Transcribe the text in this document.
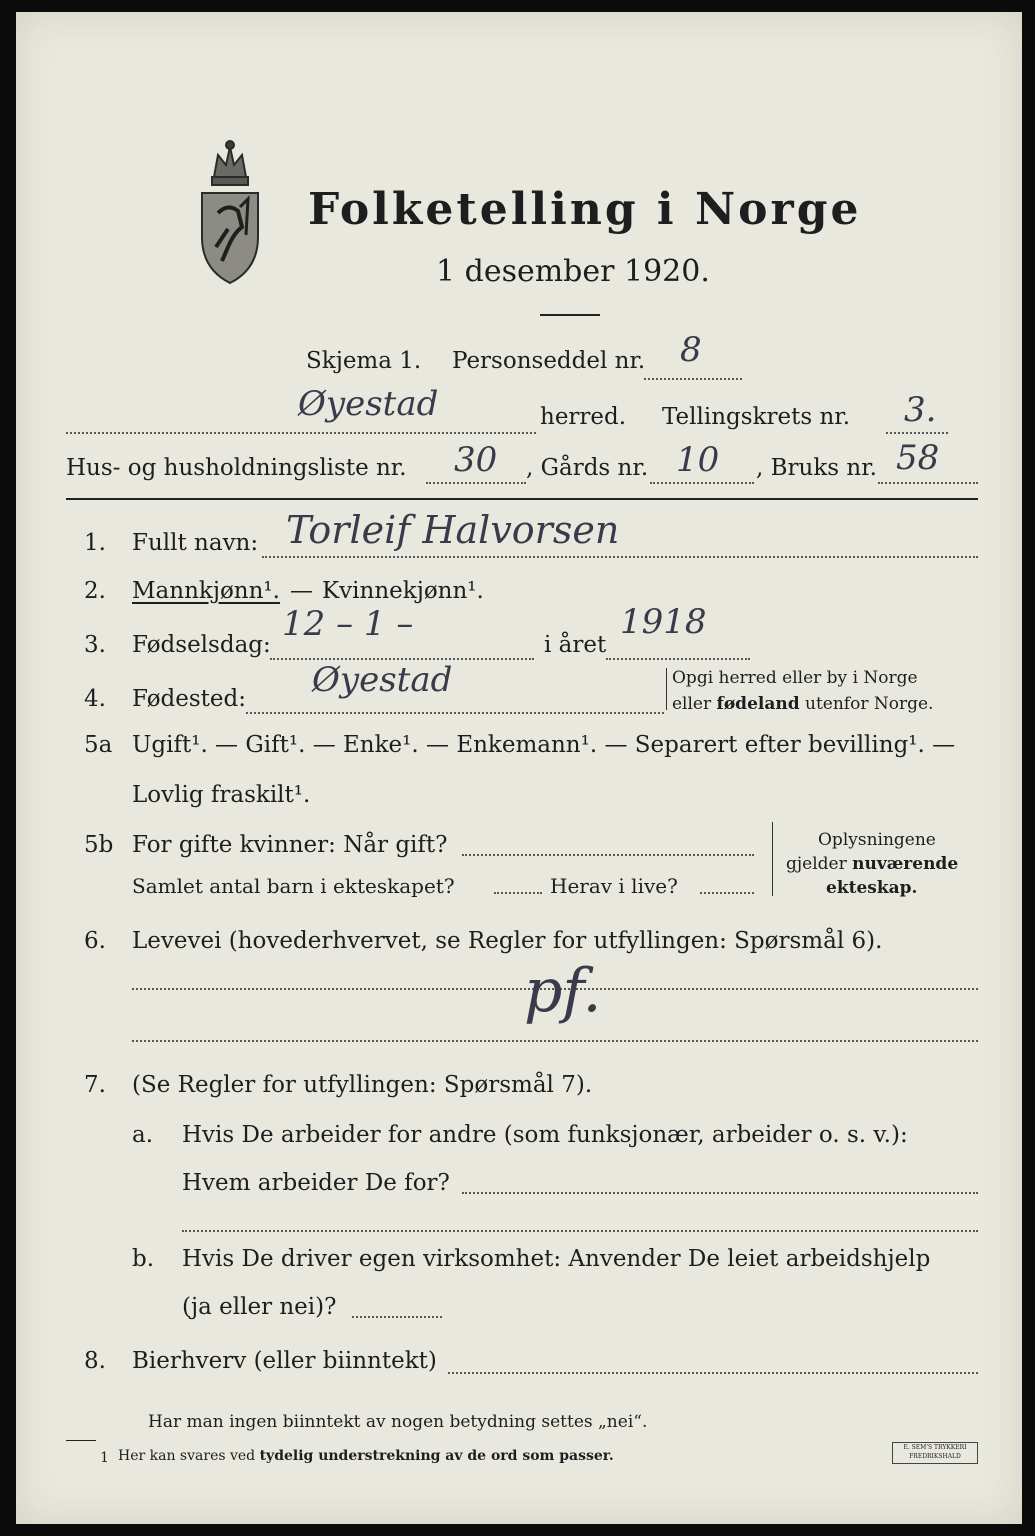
Folketelling i Norge
1 desember 1920.
Skjema 1. Personseddel nr. 8
Øyestad	herred. Tellingskrets nr. 3.
Hus- og husholdningsliste nr. 30 , Gårds nr. 10 , Bruks nr. 58
1. Fullt navn: Torleif Halvorsen
2. Mannkjønn¹. — Kvinnekjønn¹.
3. Fødselsdag:
12 – 1 –
i året
1918
4. Fødested: Øyestad	Opgi herred eller by i Norge
eller fødeland utenfor Norge.
5a Ugift¹. — Gift¹. — Enke¹. — Enkemann¹. — Separert efter bevilling¹. —
Lovlig fraskilt¹.
5b For gifte kvinner: Når gift?
Samlet antal barn i ekteskapet?	Herav i live?
Oplysningene
gjelder nuværende
ekteskap.
6. Levevei (hovederhvervet, se Regler for utfyllingen: Spørsmål 6).
pf.
7. (Se Regler for utfyllingen: Spørsmål 7).
a. Hvis De arbeider for andre (som funksjonær, arbeider o. s. v.):
Hvem arbeider De for?
b. Hvis De driver egen virksomhet: Anvender De leiet arbeidshjelp
(ja eller nei)?
8. Bierhverv (eller biinntekt)
Har man ingen biinntekt av nogen betydning settes „nei“.
1 Her kan svares ved tydelig understrekning av de ord som passer.
E. SEM'S TRYKKERI
FREDRIKSHALD
